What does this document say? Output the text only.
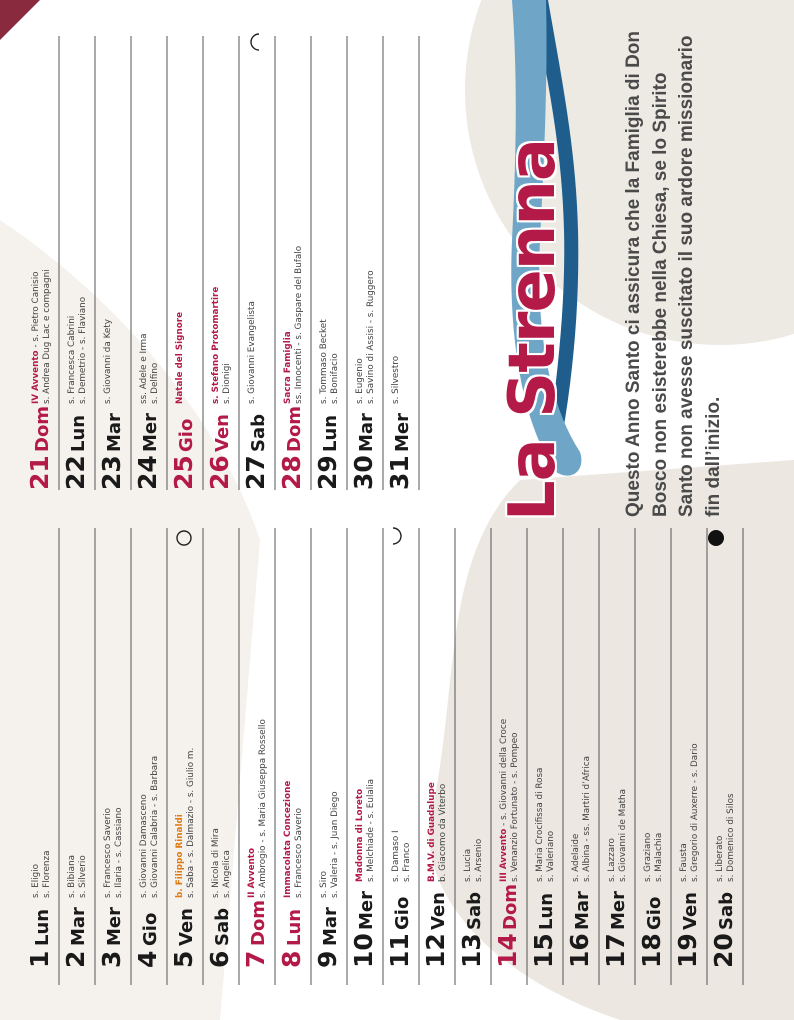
1
Lun
s. Eligio s. Florenza
2
Mar
s. Bibiana s. Silverio
3
Mer
s. Francesco Saverio s. Ilaria - s. Cassiano
4
Gio
s. Giovanni Damasceno s. Giovanni Calabria - s. Barbara
5
Ven
b. Filippo Rinaldi s. Saba - s. Dalmazio - s. Giulio m.
6
Sab
s. Nicola di Mira s. Angelica
7
Dom
II Avvento s. Ambrogio - s. Maria Giuseppa Rossello
8
Lun
Immacolata Concezione s. Francesco Saverio
9
Mar
s. Siro s. Valeria - s. Juan Diego
10
Mer
Madonna di Loreto s. Melchiade - s. Eulalia
11
Gio
s. Damaso I s. Franco
12
Ven
B.M.V. di Guadalupe b. Giacomo da Viterbo
13
Sab
s. Lucia s. Arsenio
14
Dom
III Avvento - s. Giovanni della Croce s. Venanzio Fortunato - s. Pompeo
15
Lun
s. Maria Crocifissa di Rosa s. Valeriano
16
Mar
s. Adelaide s. Albina - ss. Martiri d’Africa
17
Mer
s. Lazzaro s. Giovanni de Matha
18
Gio
s. Graziano s. Malachia
19
Ven
s. Fausta s. Gregorio di Auxerre - s. Dario
20
Sab
s. Liberato s. Domenico di Silos
21
Dom
IV Avvento - s. Pietro Canisio s. Andrea Dug Lac e compagni
22
Lun
s. Francesca Cabrini s. Demetrio - s. Flaviano
23
Mar
s. Giovanni da Kety
24
Mer
ss. Adele e Irma s. Delfino
25
Gio
Natale del Signore
26
Ven
s. Stefano Protomartire s. Dionigi
27
Sab
s. Giovanni Evangelista
28
Dom
Sacra Famiglia ss. Innocenti - s. Gaspare del Bufalo
29
Lun
s. Tommaso Becket s. Bonifacio
30
Mar
s. Eugenio s. Savino di Assisi - s. Ruggero
31
Mer
s. Silvestro La Strenna	Questo Anno Santo ci assicura che la Famiglia di Don Bosco non esisterebbe nella Chiesa, se lo Spirito Santo non avesse suscitato il suo ardore missionario fin dall’inizio.
